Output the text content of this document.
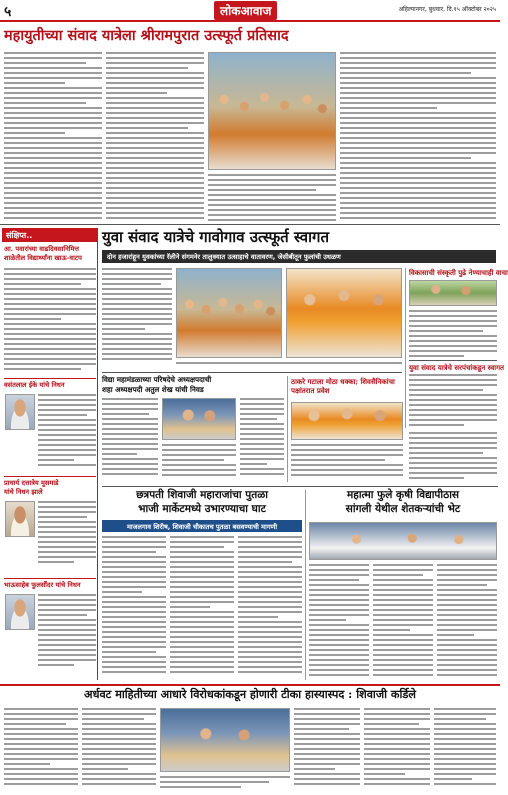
५	लोकआवाज	अहिल्यानगर, बुधवार, दि.१५ ऑक्टोबर २०२५
महायुतीच्या संवाद यात्रेला श्रीरामपुरात उत्स्फूर्त प्रतिसाद
संक्षिप्त..
आ. पवारांच्या वाढदिवसानिमित्त
शाळेतील विद्यार्थ्यांना खाऊ-वाटप
वसंतलाल ईके यांचे निधन
प्राचार्य दत्तात्रेय मुसमाडे
यांचे निधन झाले
भाऊसाहेब फुलसौंदर यांचे निधन
युवा संवाद यात्रेचे गावोगाव उत्स्फूर्त स्वागत
दोन हजारांहून युवकांच्या रॅलीने संगमनेर तालुक्यात उत्साहाचे वातावरण, जेसीबीतून फुलांची उधळण
विकासाची संस्कृती पुढे नेण्याचाही वाचा
युवा संवाद यात्रेचे सरपंचांकडून स्वागत
विद्या महामंडळाच्या परिषदेचे अध्यक्षपदाची
शहा अध्यक्षपदी अतुल शेख यांची निवड
ठाकरे गटाला मोठा धक्का; शिवसैनिकांचा पक्षांतरात प्रवेश
छत्रपती शिवाजी महाराजांचा पुतळा
भाजी मार्केटमध्ये उभारण्याचा घाट
माजलगाव शिरीष, शिवाजी चौकातच पुतळा बसवण्याची मागणी
महात्मा फुले कृषी विद्यापीठास
सांगली येथील शेतकऱ्यांची भेट
अर्धवट माहितीच्या आधारे विरोधकांकडून होणारी टीका हास्यास्पद : शिवाजी कर्डिले
